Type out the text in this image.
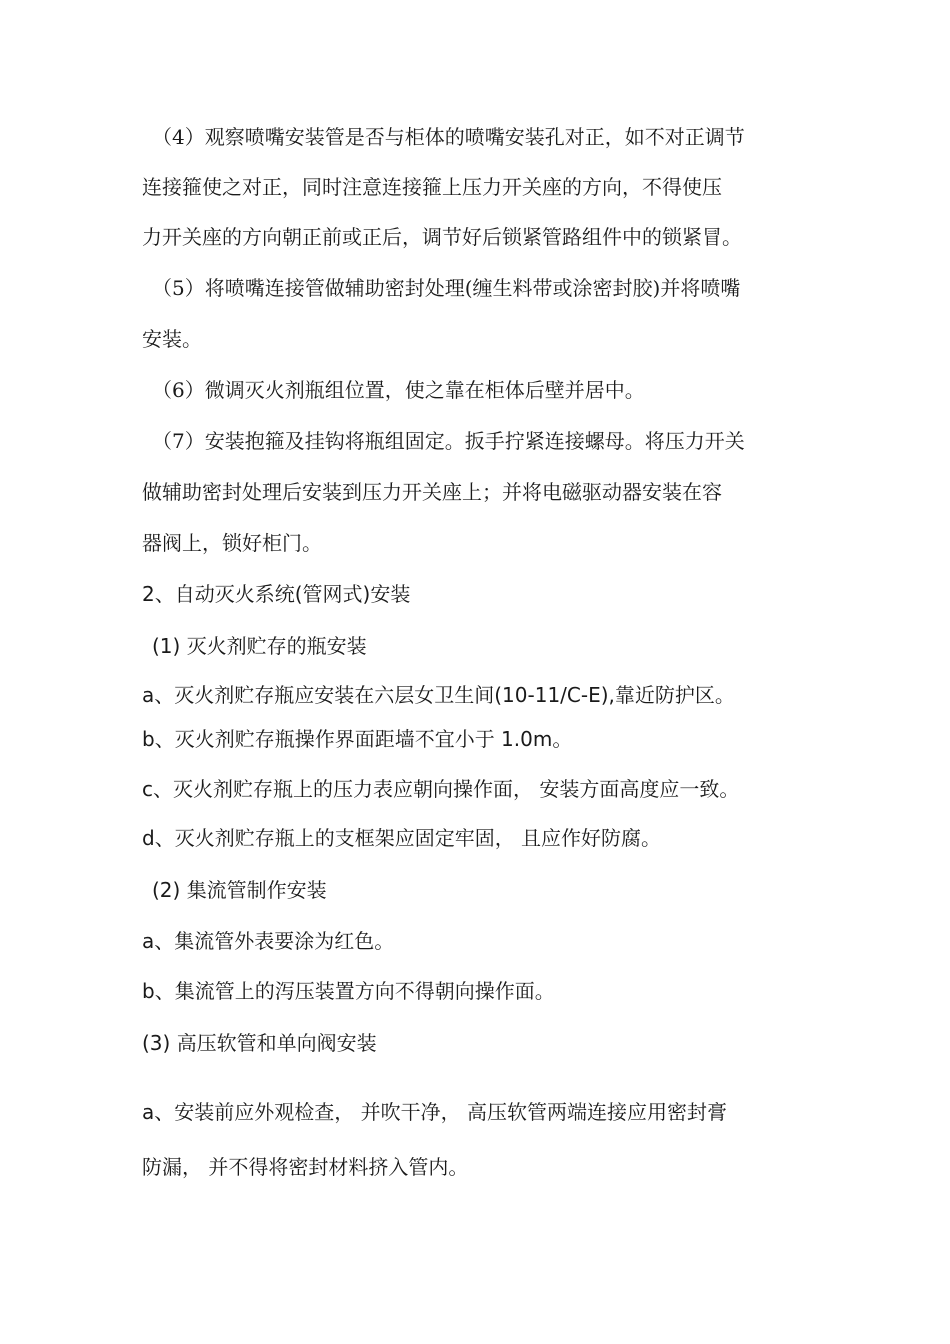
（4）观察喷嘴安装管是否与柜体的喷嘴安装孔对正，如不对正调节
连接箍使之对正，同时注意连接箍上压力开关座的方向，不得使压
力开关座的方向朝正前或正后，调节好后锁紧管路组件中的锁紧冒。
（5）将喷嘴连接管做辅助密封处理(缠生料带或涂密封胶)并将喷嘴
安装。
（6）微调灭火剂瓶组位置，使之靠在柜体后壁并居中。
（7）安装抱箍及挂钩将瓶组固定。扳手拧紧连接螺母。将压力开关
做辅助密封处理后安装到压力开关座上；并将电磁驱动器安装在容
器阀上，锁好柜门。
2、自动灭火系统(管网式)安装
(1) 灭火剂贮存的瓶安装
a、灭火剂贮存瓶应安装在六层女卫生间(10-11/C-E),靠近防护区。
b、灭火剂贮存瓶操作界面距墙不宜小于 1.0m。
c、灭火剂贮存瓶上的压力表应朝向操作面， 安装方面高度应一致。
d、灭火剂贮存瓶上的支框架应固定牢固， 且应作好防腐。
(2) 集流管制作安装
a、集流管外表要涂为红色。
b、集流管上的泻压装置方向不得朝向操作面。
(3) 高压软管和单向阀安装
a、安装前应外观检查， 并吹干净， 高压软管两端连接应用密封膏
防漏， 并不得将密封材料挤入管内。
